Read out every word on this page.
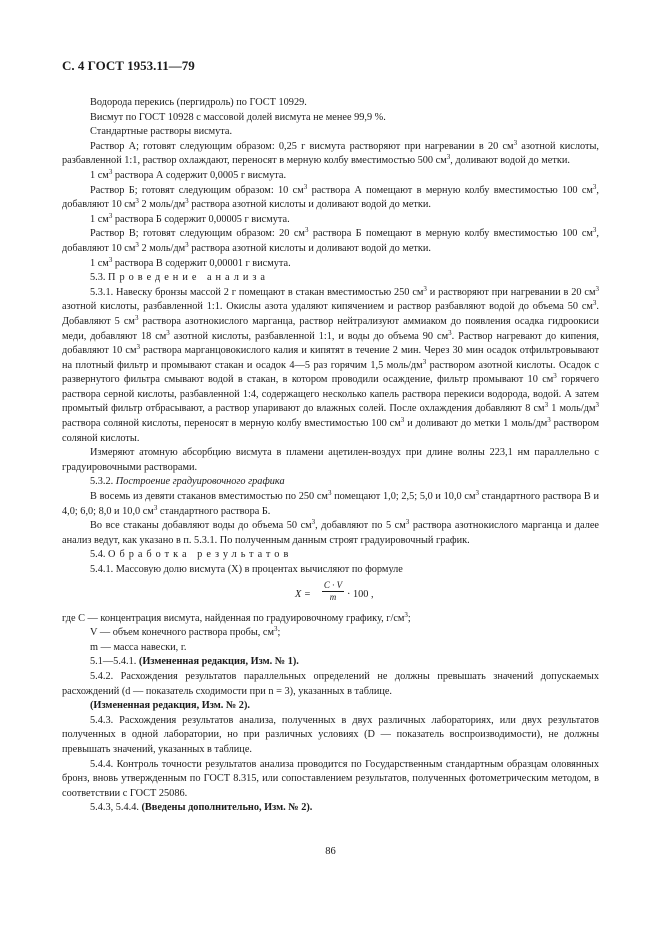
С. 4 ГОСТ 1953.11—79

Водорода перекись (пергидроль) по ГОСТ 10929.

Висмут по ГОСТ 10928 с массовой долей висмута не менее 99,9 %.

Стандартные растворы висмута.

Раствор А; готовят следующим образом: 0,25 г висмута растворяют при нагревании в 20 $см^3$ азотной кислоты, разбавленной 1:1, раствор охлаждают, переносят в мерную колбу вместимостью 500 $см^3$, доливают водой до метки.

1 $см^3$ раствора А содержит 0,0005 г висмута.

Раствор Б; готовят следующим образом: 10 $см^3$ раствора А помещают в мерную колбу вместимостью 100 $см^3$, добавляют 10 $см^3$ 2 моль/$дм^3$ раствора азотной кислоты и доливают водой до метки.

1 $см^3$ раствора Б содержит 0,00005 г висмута.

Раствор В; готовят следующим образом: 20 $см^3$ раствора Б помещают в мерную колбу вместимостью 100 $см^3$, добавляют 10 $см^3$ 2 моль/$дм^3$ раствора азотной кислоты и доливают водой до метки.

1 $см^3$ раствора В содержит 0,00001 г висмута.

5.3. Проведение анализа

5.3.1. Навеску бронзы массой 2 г помещают в стакан вместимостью 250 $см^3$ и растворяют при нагревании в 20 $см^3$ азотной кислоты, разбавленной 1:1. Окислы азота удаляют кипячением и раствор разбавляют водой до объема 50 $см^3$. Добавляют 5 $см^3$ раствора азотнокислого марганца, раствор нейтрализуют аммиаком до появления осадка гидроокиси меди, добавляют 18 $см^3$ азотной кислоты, разбавленной 1:1, и воды до объема 90 $см^3$. Раствор нагревают до кипения, добавляют 10 $см^3$ раствора марганцовокислого калия и кипятят в течение 2 мин. Через 30 мин осадок отфильтровывают на плотный фильтр и промывают стакан и осадок 4—5 раз горячим 1,5 моль/$дм^3$ раствором азотной кислоты. Осадок с развернутого фильтра смывают водой в стакан, в котором проводили осаждение, фильтр промывают 10 $см^3$ горячего раствора серной кислоты, разбавленной 1:4, содержащего несколько капель раствора перекиси водорода, водой. А затем промытый фильтр отбрасывают, а раствор упаривают до влажных солей. После охлаждения добавляют 8 $см^3$ 1 моль/$дм^3$ раствора соляной кислоты, переносят в мерную колбу вместимостью 100 $см^3$ и доливают до метки 1 моль/$дм^3$ раствором соляной кислоты.

Измеряют атомную абсорбцию висмута в пламени ацетилен-воздух при длине волны 223,1 нм параллельно с градуировочными растворами.

5.3.2. Построение градуировочного графика

В восемь из девяти стаканов вместимостью по 250 $см^3$ помещают 1,0; 2,5; 5,0 и 10,0 $см^3$ стандартного раствора В и 4,0; 6,0; 8,0 и 10,0 $см^3$ стандартного раствора Б.

Во все стаканы добавляют воды до объема 50 $см^3$, добавляют по 5 $см^3$ раствора азотнокислого марганца и далее анализ ведут, как указано в п. 5.3.1. По полученным данным строят градуировочный график.

5.4. Обработка результатов

5.4.1. Массовую долю висмута (X) в процентах вычисляют по формуле

$X = \frac{C \cdot V}{m} \cdot 100$ ,

где C — концентрация висмута, найденная по градуировочному графику, $г/см^3$;

V — объем конечного раствора пробы, $см^3$;

m — масса навески, г.

5.1—5.4.1. (Измененная редакция, Изм. № 1).

5.4.2. Расхождения результатов параллельных определений не должны превышать значений допускаемых расхождений (d — показатель сходимости при n = 3), указанных в таблице.

(Измененная редакция, Изм. № 2).

5.4.3. Расхождения результатов анализа, полученных в двух различных лабораториях, или двух результатов полученных в одной лаборатории, но при различных условиях (D — показатель воспроизводимости), не должны превышать значений, указанных в таблице.

5.4.4. Контроль точности результатов анализа проводится по Государственным стандартным образцам оловянных бронз, вновь утвержденным по ГОСТ 8.315, или сопоставлением результатов, полученных фотометрическим методом, в соответствии с ГОСТ 25086.

5.4.3, 5.4.4. (Введены дополнительно, Изм. № 2).

86
